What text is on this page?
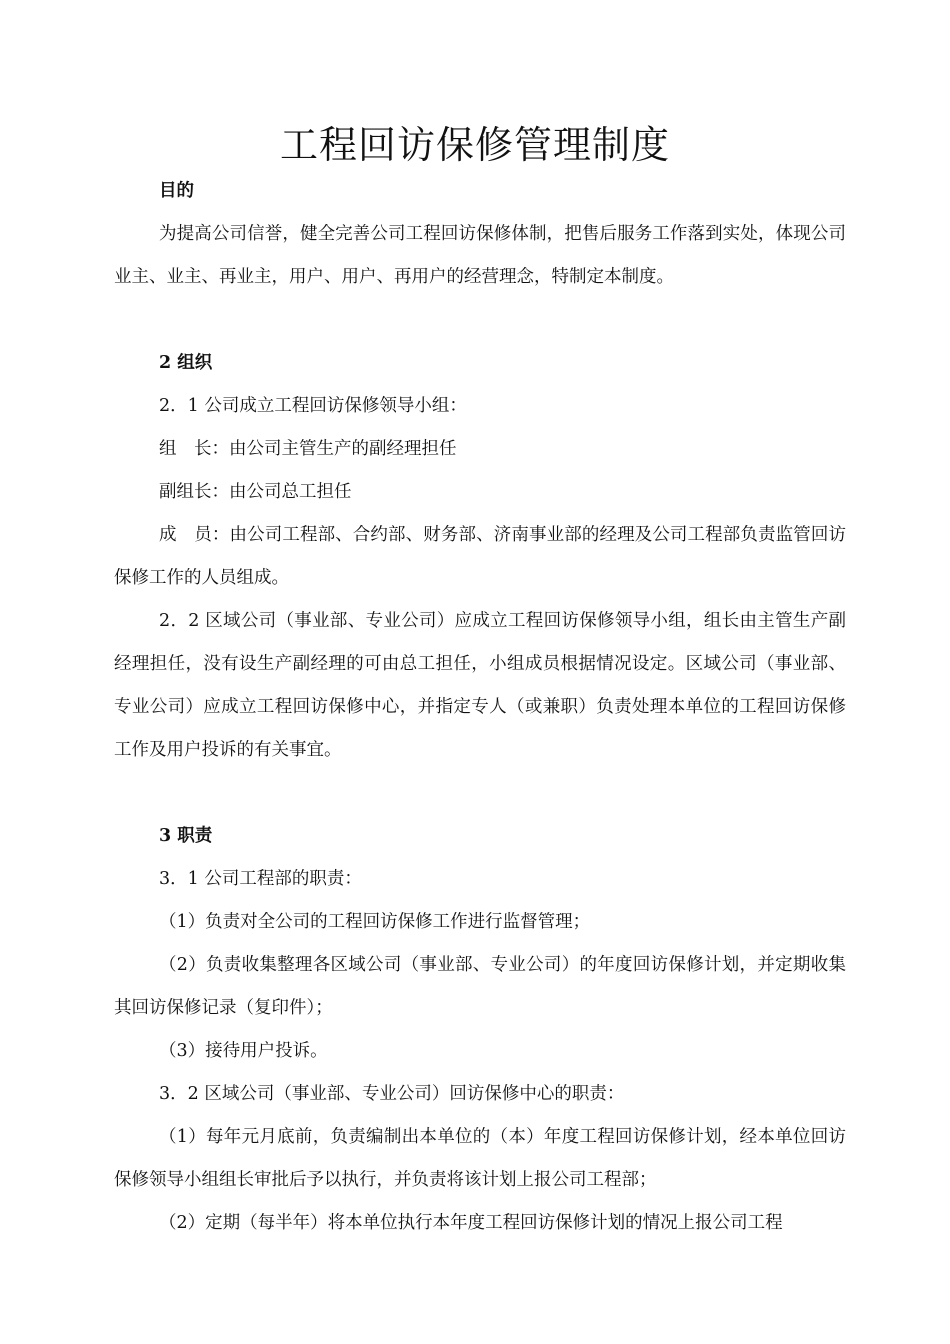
工程回访保修管理制度
目的
为提高公司信誉，健全完善公司工程回访保修体制，把售后服务工作落到实处，体现公司业主、业主、再业主，用户、用户、再用户的经营理念，特制定本制度。
2 组织
2．1 公司成立工程回访保修领导小组：
组　长：由公司主管生产的副经理担任
副组长：由公司总工担任
成　员：由公司工程部、合约部、财务部、济南事业部的经理及公司工程部负责监管回访保修工作的人员组成。
2．2 区域公司（事业部、专业公司）应成立工程回访保修领导小组，组长由主管生产副经理担任，没有设生产副经理的可由总工担任，小组成员根据情况设定。区域公司（事业部、专业公司）应成立工程回访保修中心，并指定专人（或兼职）负责处理本单位的工程回访保修工作及用户投诉的有关事宜。
3 职责
3．1 公司工程部的职责：
（1）负责对全公司的工程回访保修工作进行监督管理；
（2）负责收集整理各区域公司（事业部、专业公司）的年度回访保修计划，并定期收集其回访保修记录（复印件）；
（3）接待用户投诉。
3．2 区域公司（事业部、专业公司）回访保修中心的职责：
（1）每年元月底前，负责编制出本单位的（本）年度工程回访保修计划，经本单位回访保修领导小组组长审批后予以执行，并负责将该计划上报公司工程部；
（2）定期（每半年）将本单位执行本年度工程回访保修计划的情况上报公司工程
